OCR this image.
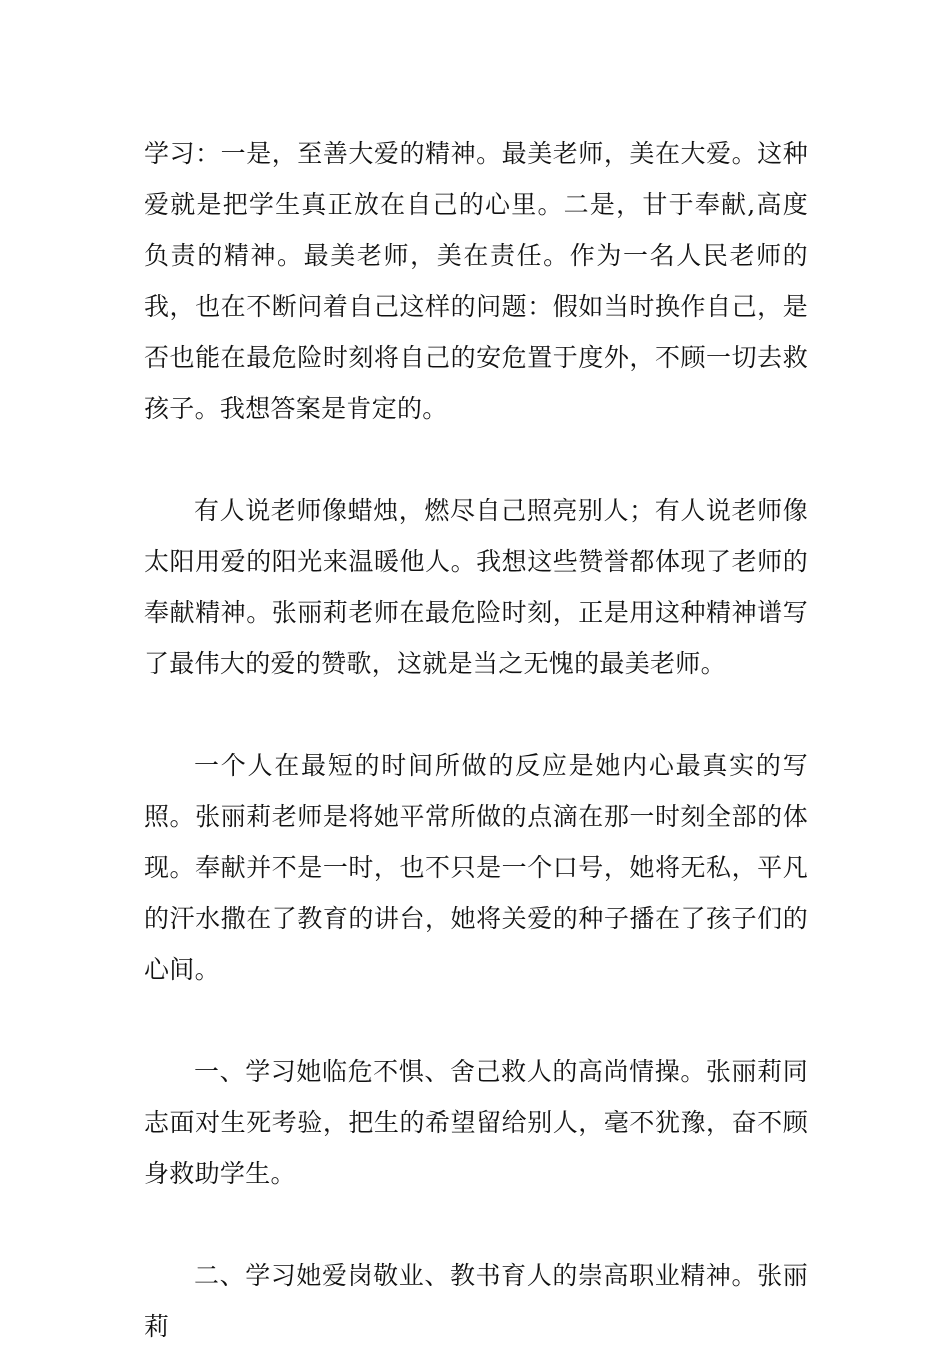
学习：一是，至善大爱的精神。最美老师，美在大爱。这种爱就是把学生真正放在自己的心里。二是，甘于奉献,高度负责的精神。最美老师，美在责任。作为一名人民老师的我，也在不断问着自己这样的问题：假如当时换作自己，是否也能在最危险时刻将自己的安危置于度外，不顾一切去救孩子。我想答案是肯定的。

有人说老师像蜡烛，燃尽自己照亮别人；有人说老师像太阳用爱的阳光来温暖他人。我想这些赞誉都体现了老师的奉献精神。张丽莉老师在最危险时刻，正是用这种精神谱写了最伟大的爱的赞歌，这就是当之无愧的最美老师。

一个人在最短的时间所做的反应是她内心最真实的写照。张丽莉老师是将她平常所做的点滴在那一时刻全部的体现。奉献并不是一时，也不只是一个口号，她将无私，平凡的汗水撒在了教育的讲台，她将关爱的种子播在了孩子们的心间。

一、学习她临危不惧、舍己救人的高尚情操。张丽莉同志面对生死考验，把生的希望留给别人，毫不犹豫，奋不顾身救助学生。

二、学习她爱岗敬业、教书育人的崇高职业精神。张丽莉
